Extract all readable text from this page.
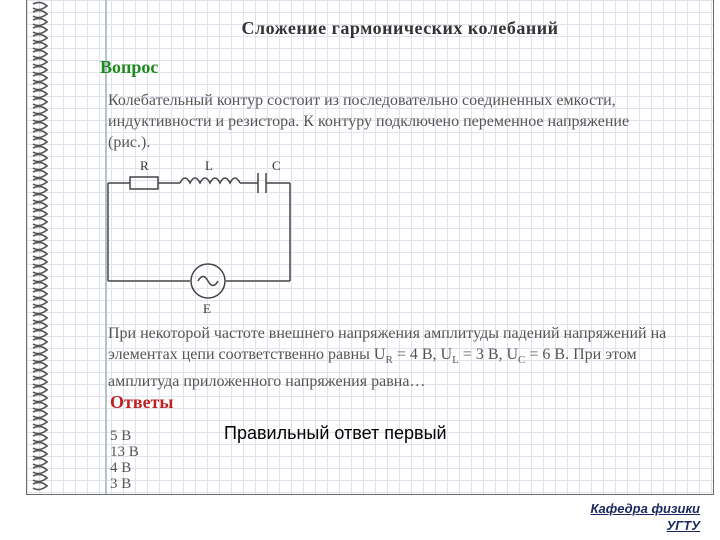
Сложение гармонических колебаний
Вопрос
Колебательный контур состоит из последовательно соединенных емкости, индуктивности и резистора. К контуру подключено переменное напряжение (рис.).
R	L	C
E
При некоторой частоте внешнего напряжения амплитуды падений напряжений на элементах цепи соответственно равны $U_R = 4$ В, $U_L = 3$ В, $U_C = 6$ В. При этом амплитуда приложенного напряжения равна…
Ответы
5 В
13 В
4 В
3 В
Правильный ответ первый
Кафедра физики
УГТУ
